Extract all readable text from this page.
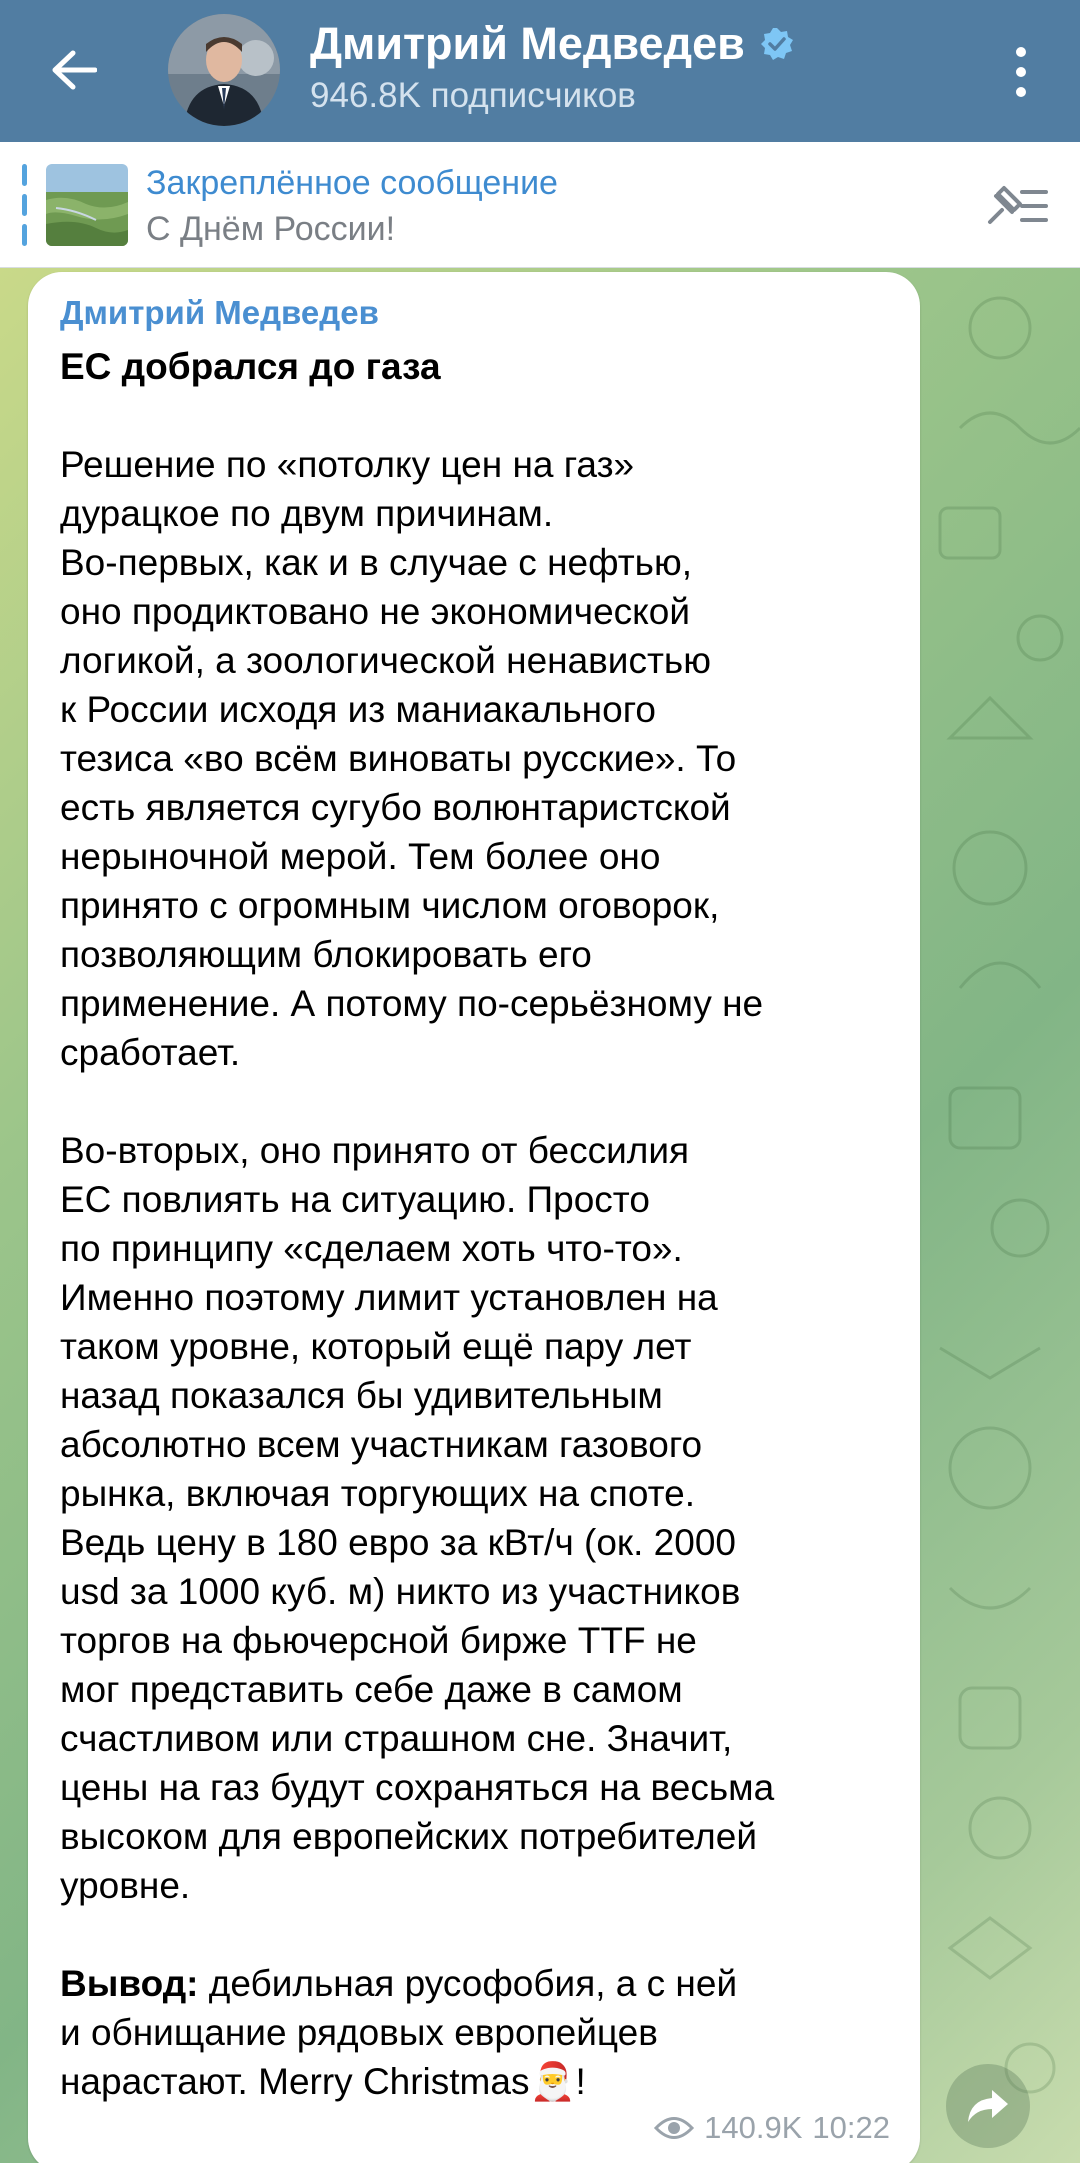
Дмитрий Медведев
946.8K подписчиков
Закреплённое сообщение
С Днём России!
Дмитрий Медведев
ЕС добрался до газа

Решение по «потолку цен на газ»

дурацкое по двум причинам.

Во-первых, как и в случае с нефтью,

оно продиктовано не экономической

логикой, а зоологической ненавистью

к России исходя из маниакального

тезиса «во всём виноваты русские». То

есть является сугубо волюнтаристской

нерыночной мерой. Тем более оно

принято с огромным числом оговорок,

позволяющим блокировать его

применение. А потому по-серьёзному не

сработает.

Во-вторых, оно принято от бессилия

ЕС повлиять на ситуацию. Просто

по принципу «сделаем хоть что-то».

Именно поэтому лимит установлен на

таком уровне, который ещё пару лет

назад показался бы удивительным

абсолютно всем участникам газового

рынка, включая торгующих на споте.

Ведь цену в 180 евро за кВт/ч (ок. 2000

usd за 1000 куб. м) никто из участников

торгов на фьючерсной бирже TTF не

мог представить себе даже в самом

счастливом или страшном сне. Значит,

цены на газ будут сохраняться на весьма

высоком для европейских потребителей

уровне.

Вывод: дебильная русофобия, а с ней

и обнищание рядовых европейцев

нарастают. Merry Christmas🎅!

140.9K 10:22
